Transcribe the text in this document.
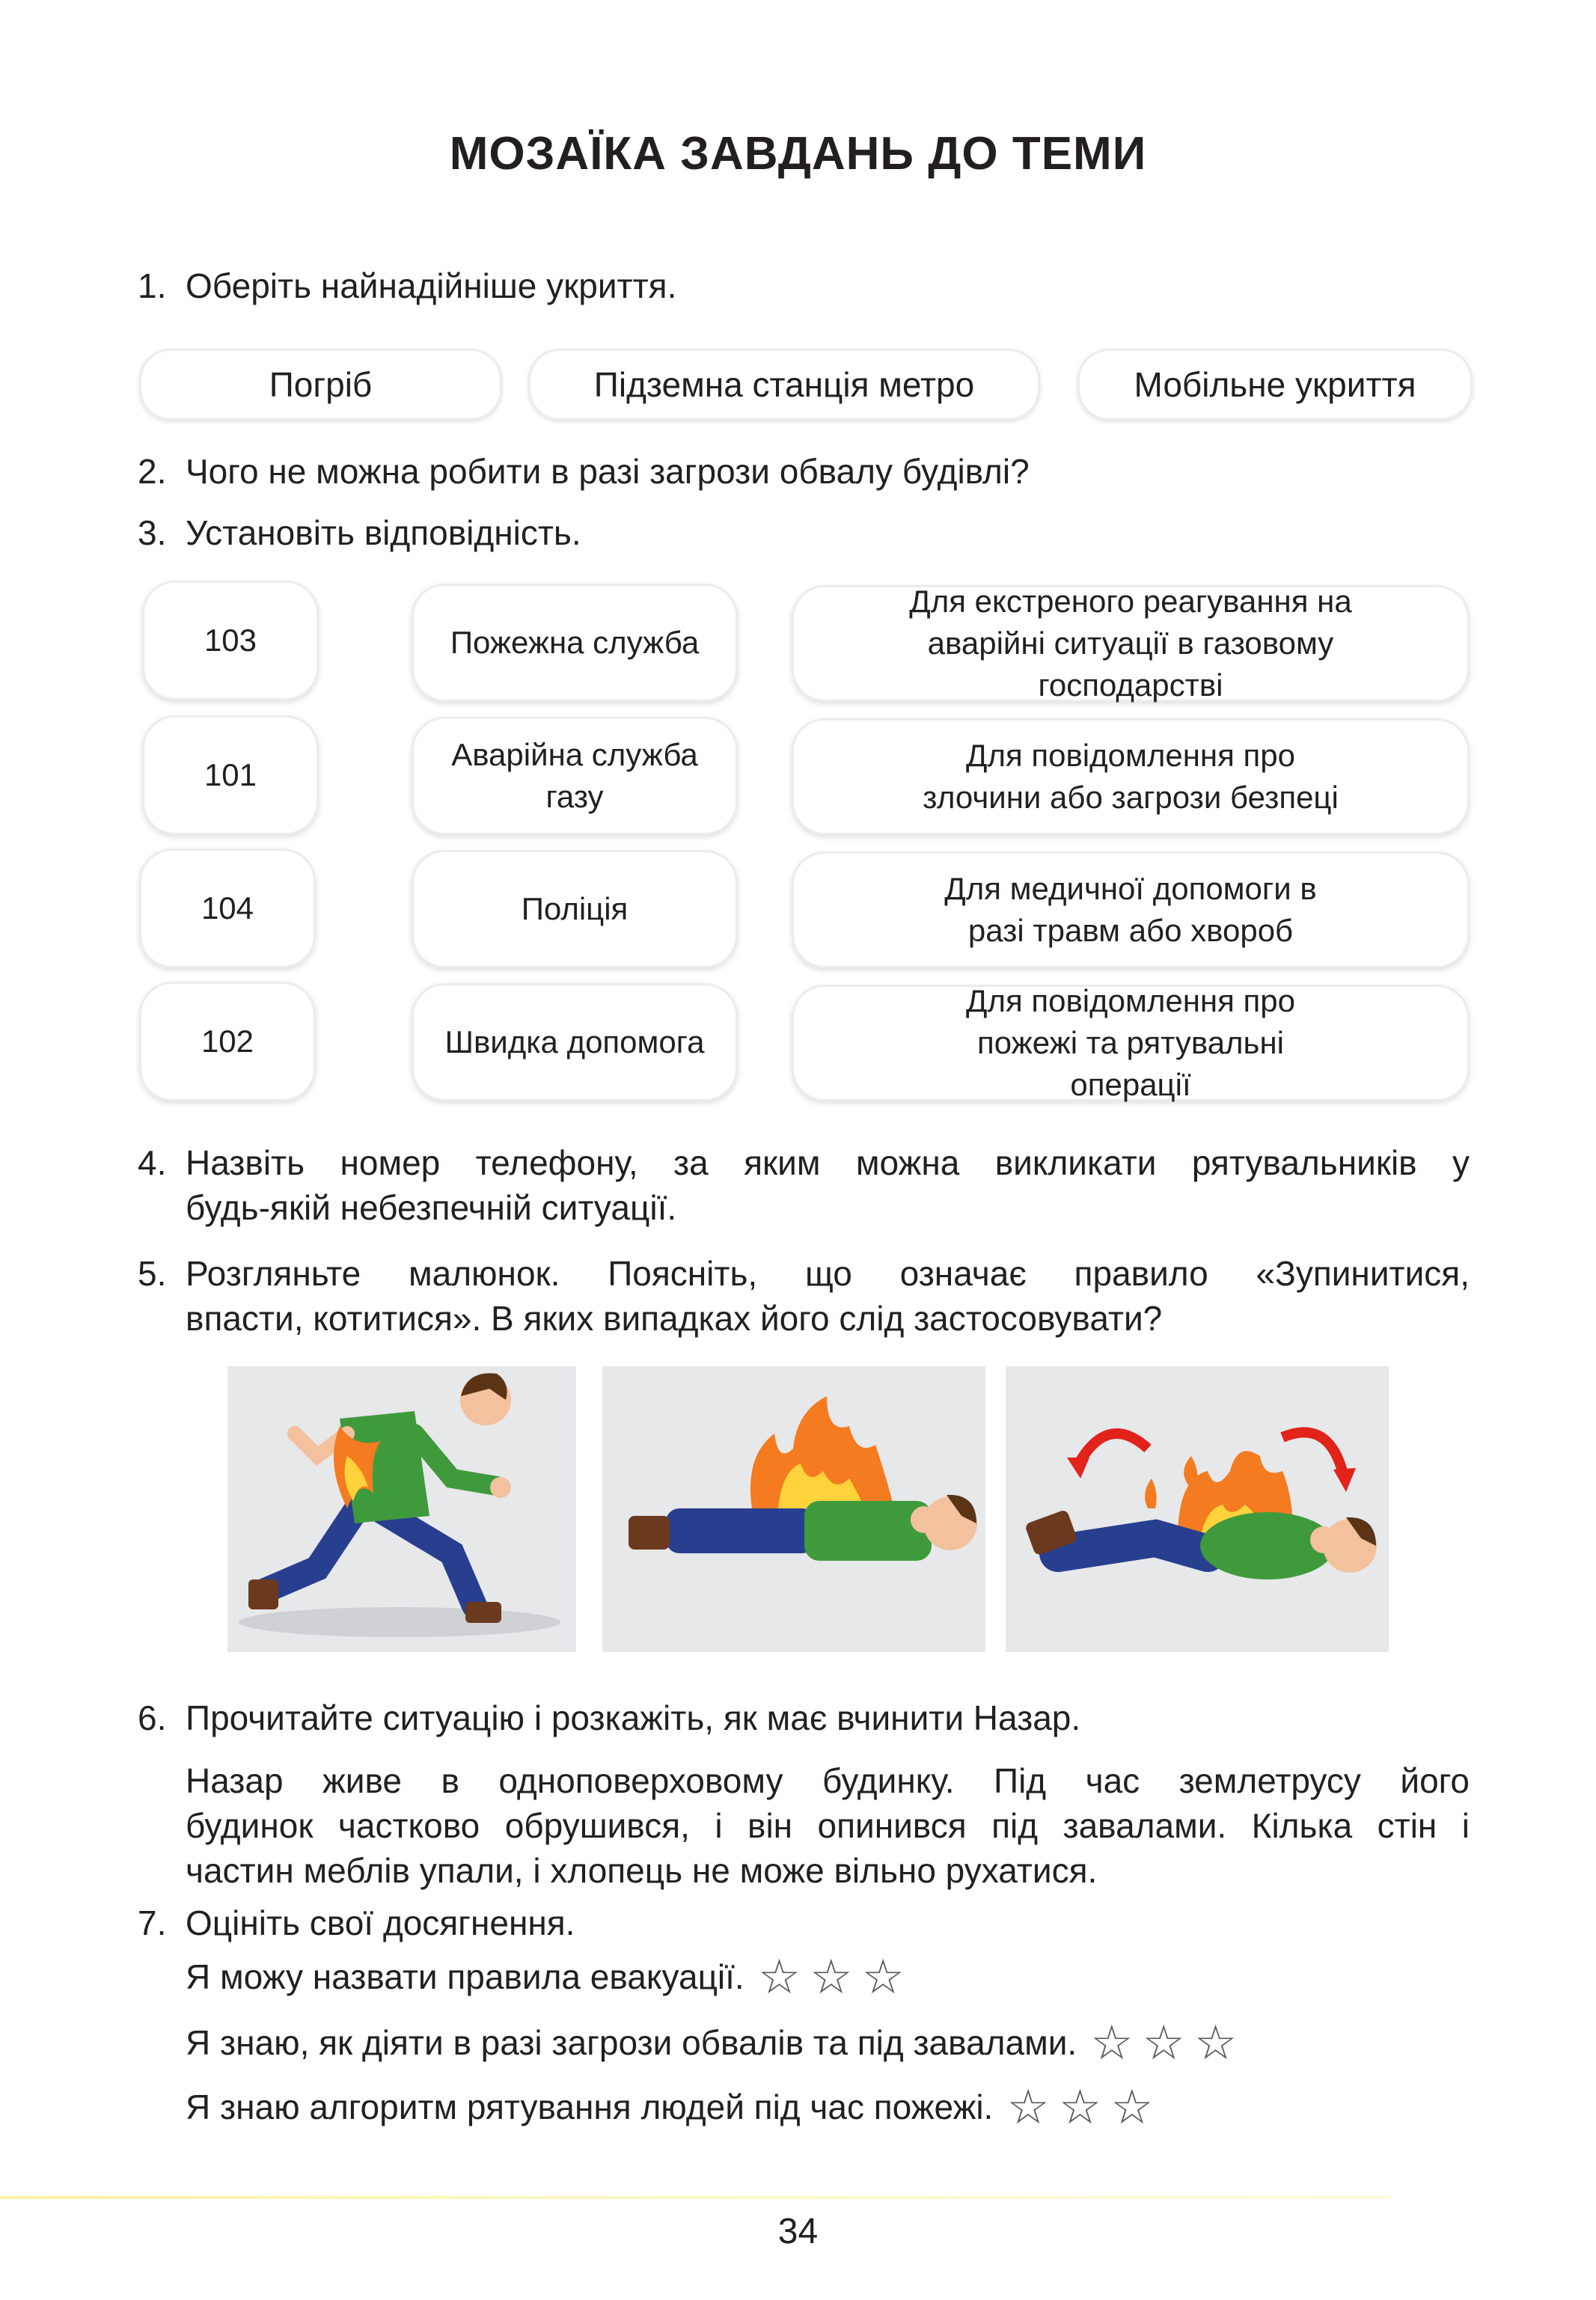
МОЗАЇКА ЗАВДАНЬ ДО ТЕМИ
1. Оберіть найнадійніше укриття.
Погріб	Підземна станція метро	Мобільне укриття
2. Чого не можна робити в разі загрози обвалу будівлі?
3. Установіть відповідність.
103
101
104
102
Пожежна служба
Аварійна служба газу
Поліція
Швидка допомога
Для екстреного реагування на аварійні ситуації в газовому господарстві
Для повідомлення про злочини або загрози безпеці
Для медичної допомоги в разі травм або хвороб
Для повідомлення про пожежі та рятувальні операції
4. Назвіть номер телефону, за яким можна викликати рятувальників у
будь-якій небезпечній ситуації.
5. Розгляньте малюнок. Поясніть, що означає правило «Зупинитися,
впасти, котитися». В яких випадках його слід застосовувати?
6. Прочитайте ситуацію і розкажіть, як має вчинити Назар.
Назар живе в одноповерховому будинку. Під час землетрусу його
будинок частково обрушився, і він опинився під завалами. Кілька стін і
частин меблів упали, і хлопець не може вільно рухатися.
7. Оцініть свої досягнення.
Я можу назвати правила евакуації. ☆☆☆
Я знаю, як діяти в разі загрози обвалів та під завалами. ☆☆☆
Я знаю алгоритм рятування людей під час пожежі. ☆☆☆
34
